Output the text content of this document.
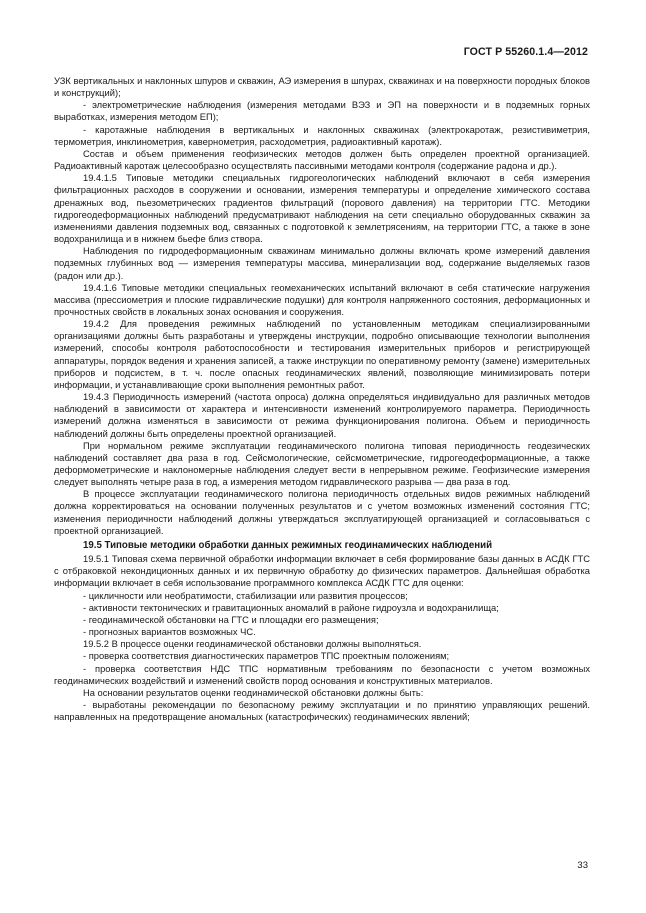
ГОСТ Р 55260.1.4—2012

УЗК вертикальных и наклонных шпуров и скважин, АЭ измерения в шпурах, скважинах и на поверхности породных блоков и конструкций);

- электрометрические наблюдения (измерения методами ВЭЗ и ЭП на поверхности и в подземных горных выработках, измерения методом ЕП);

- каротажные наблюдения в вертикальных и наклонных скважинах (электрокаротаж, резистивиметрия, термометрия, инклинометрия, кавернометрия, расходометрия, радиоактивный каротаж).

Состав и объем применения геофизических методов должен быть определен проектной организацией. Радиоактивный каротаж целесообразно осуществлять пассивными методами контроля (содержание радона и др.).

19.4.1.5 Типовые методики специальных гидрогеологических наблюдений включают в себя измерения фильтрационных расходов в сооружении и основании, измерения температуры и определение химического состава дренажных вод, пьезометрических градиентов фильтраций (порового давления) на территории ГТС. Методики гидрогеодеформационных наблюдений предусматривают наблюдения на сети специально оборудованных скважин за изменениями давления подземных вод, связанных с подготовкой к землетрясениям, на территории ГТС, а также в зоне водохранилища и в нижнем бьефе близ створа.

Наблюдения по гидродеформационным скважинам минимально должны включать кроме измерений давления подземных глубинных вод — измерения температуры массива, минерализации вод, содержание выделяемых газов (радон или др.).

19.4.1.6 Типовые методики специальных геомеханических испытаний включают в себя статические нагружения массива (прессиометрия и плоские гидравлические подушки) для контроля напряженного состояния, деформационных и прочностных свойств в локальных зонах основания и сооружения.

19.4.2 Для проведения режимных наблюдений по установленным методикам специализированными организациями должны быть разработаны и утверждены инструкции, подробно описывающие технологии выполнения измерений, способы контроля работоспособности и тестирования измерительных приборов и регистрирующей аппаратуры, порядок ведения и хранения записей, а также инструкции по оперативному ремонту (замене) измерительных приборов и подсистем, в т. ч. после опасных геодинамических явлений, позволяющие минимизировать потери информации, и устанавливающие сроки выполнения ремонтных работ.

19.4.3 Периодичность измерений (частота опроса) должна определяться индивидуально для различных методов наблюдений в зависимости от характера и интенсивности изменений контролируемого параметра. Периодичность измерений должна изменяться в зависимости от режима функционирования полигона. Объем и периодичность наблюдений должны быть определены проектной организацией.

При нормальном режиме эксплуатации геодинамического полигона типовая периодичность геодезических наблюдений составляет два раза в год. Сейсмологические, сейсмометрические, гидрогеодеформационные, а также деформометрические и наклономерные наблюдения следует вести в непрерывном режиме. Геофизические измерения следует выполнять четыре раза в год, а измерения методом гидравлического разрыва — два раза в год.

В процессе эксплуатации геодинамического полигона периодичность отдельных видов режимных наблюдений должна корректироваться на основании полученных результатов и с учетом возможных изменений состояния ГТС; изменения периодичности наблюдений должны утверждаться эксплуатирующей организацией и согласовываться с проектной организацией.

19.5 Типовые методики обработки данных режимных геодинамических наблюдений

19.5.1 Типовая схема первичной обработки информации включает в себя формирование базы данных в АСДК ГТС с отбраковкой некондиционных данных и их первичную обработку до физических параметров. Дальнейшая обработка информации включает в себя использование программного комплекса АСДК ГТС для оценки:

- цикличности или необратимости, стабилизации или развития процессов;

- активности тектонических и гравитационных аномалий в районе гидроузла и водохранилища;

- геодинамической обстановки на ГТС и площадки его размещения;

- прогнозных вариантов возможных ЧС.

19.5.2 В процессе оценки геодинамической обстановки должны выполняться.

- проверка соответствия диагностических параметров ТПС проектным положениям;

- проверка соответствия НДС ТПС нормативным требованиям по безопасности с учетом возможных геодинамических воздействий и изменений свойств пород основания и конструктивных материалов.

На основании результатов оценки геодинамической обстановки должны быть:

- выработаны рекомендации по безопасному режиму эксплуатации и по принятию управляющих решений. направленных на предотвращение аномальных (катастрофических) геодинамических явлений;

33
